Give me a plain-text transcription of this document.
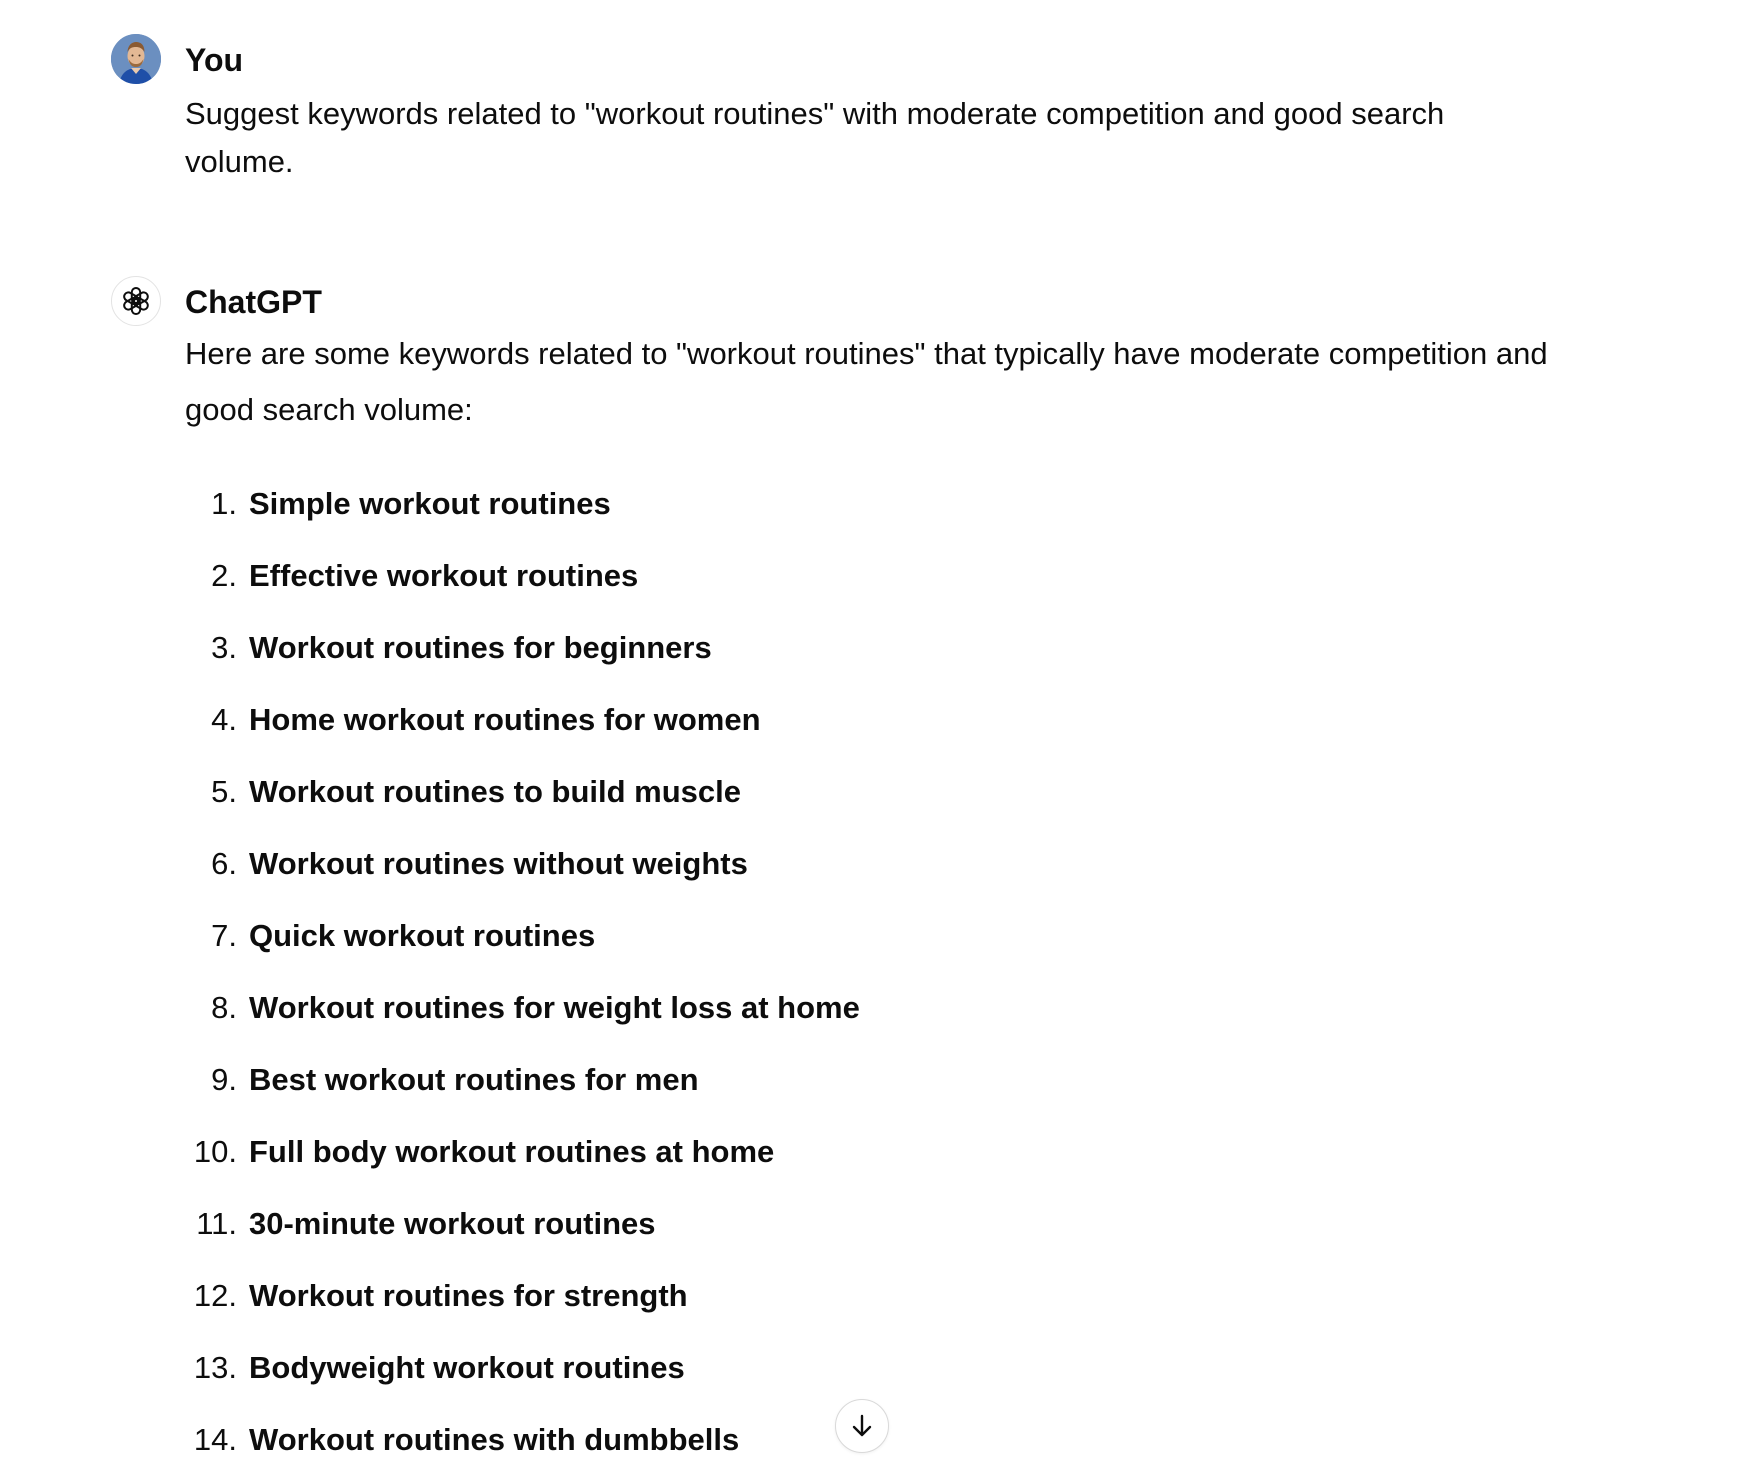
You

Suggest keywords related to "workout routines" with moderate competition and good search volume.

ChatGPT

Here are some keywords related to "workout routines" that typically have moderate competition and good search volume:

1. Simple workout routines
2. Effective workout routines
3. Workout routines for beginners
4. Home workout routines for women
5. Workout routines to build muscle
6. Workout routines without weights
7. Quick workout routines
8. Workout routines for weight loss at home
9. Best workout routines for men
10. Full body workout routines at home
11. 30-minute workout routines
12. Workout routines for strength
13. Bodyweight workout routines
14. Workout routines with dumbbells
